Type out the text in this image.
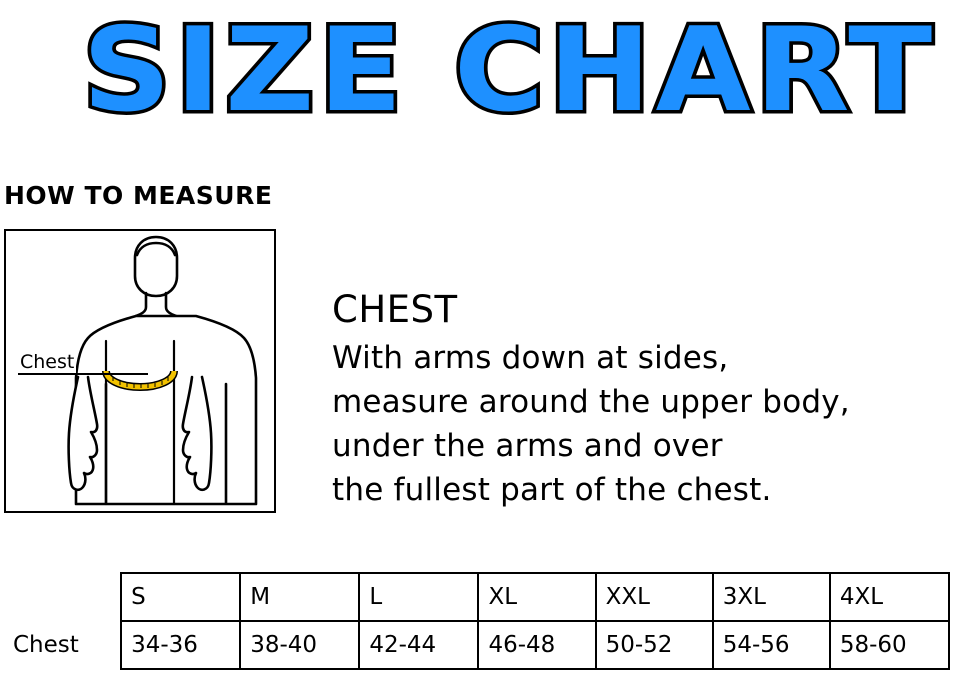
SIZE CHART
HOW TO MEASURE
Chest
CHEST
With arms down at sides,
measure around the upper body,
under the arms and over
the fullest part of the chest.
	S	M	L	XL	XXL	3XL	4XL
Chest	34-36	38-40	42-44	46-48	50-52	54-56	58-60
